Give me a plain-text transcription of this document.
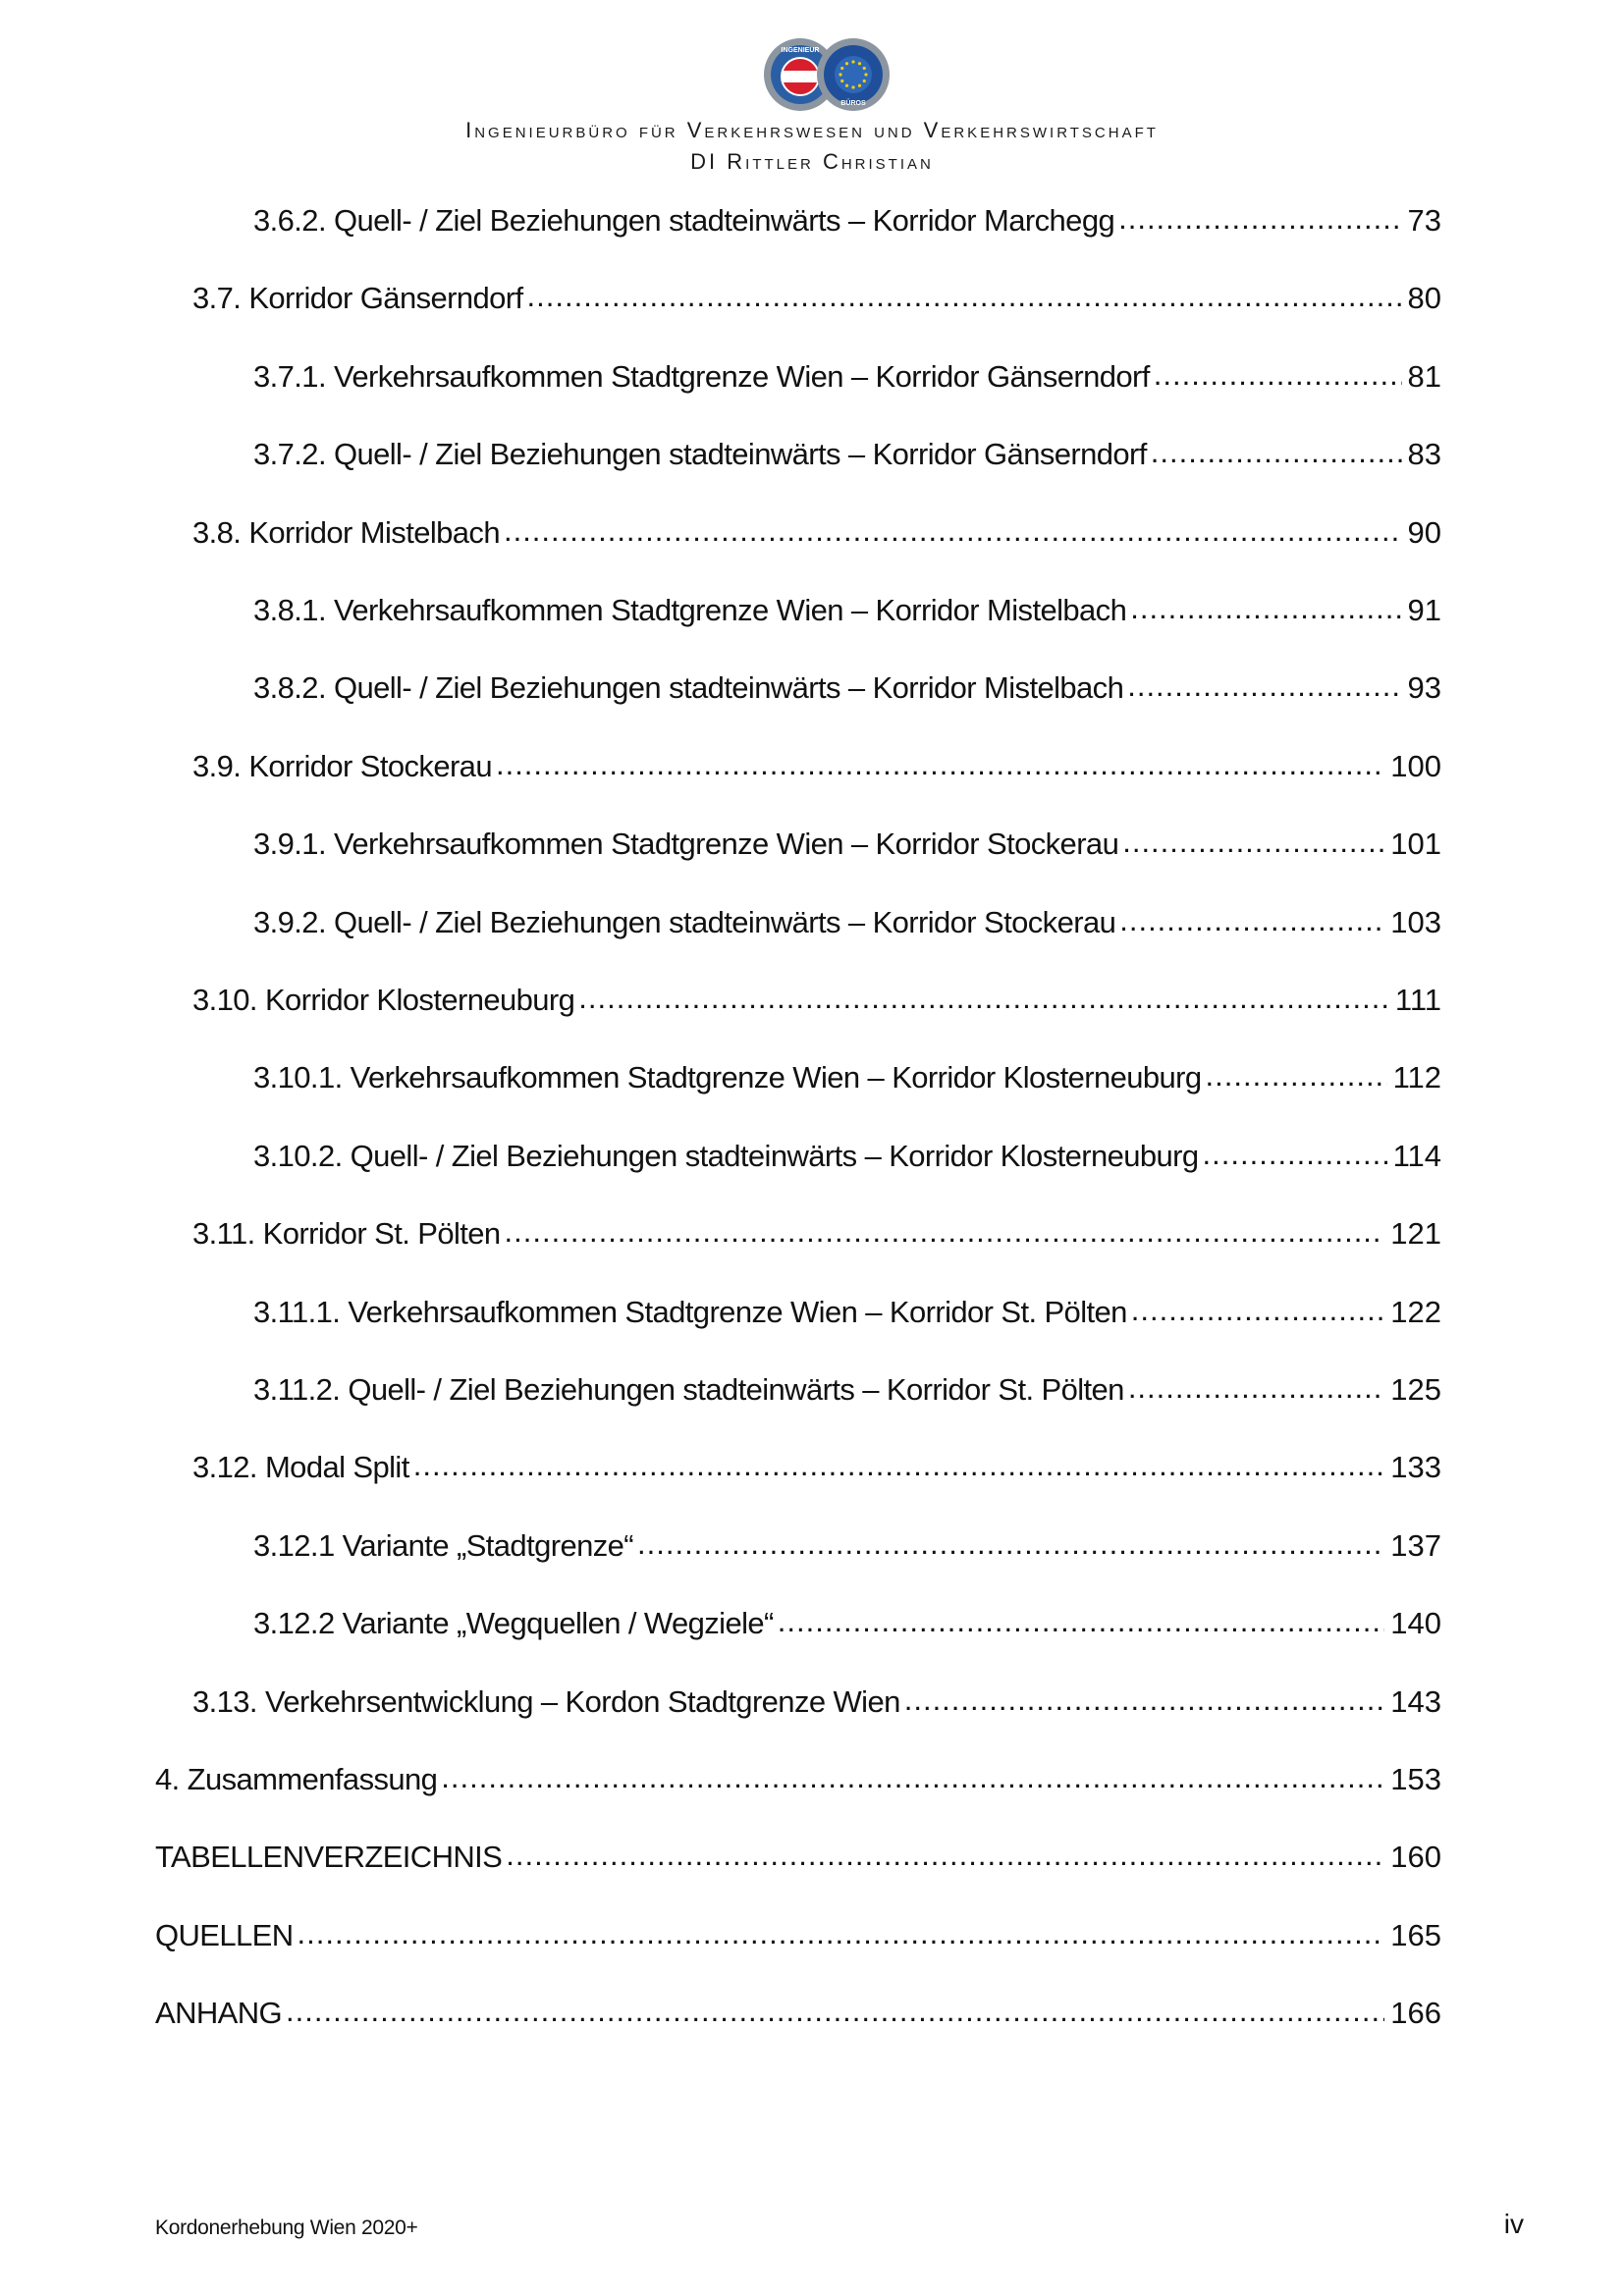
INGENIEUR
BÜROS
Ingenieurbüro für Verkehrswesen und Verkehrswirtschaft
DI Rittler Christian
3.6.2. Quell- / Ziel Beziehungen stadteinwärts – Korridor Marchegg .....	73
3.7. Korridor Gänserndorf .....	80
3.7.1. Verkehrsaufkommen Stadtgrenze Wien – Korridor Gänserndorf .....	81
3.7.2. Quell- / Ziel Beziehungen stadteinwärts – Korridor Gänserndorf .....	83
3.8. Korridor Mistelbach .....	90
3.8.1. Verkehrsaufkommen Stadtgrenze Wien – Korridor Mistelbach .....	91
3.8.2. Quell- / Ziel Beziehungen stadteinwärts – Korridor Mistelbach .....	93
3.9. Korridor Stockerau .....	100
3.9.1. Verkehrsaufkommen Stadtgrenze Wien – Korridor Stockerau .....	101
3.9.2. Quell- / Ziel Beziehungen stadteinwärts – Korridor Stockerau .....	103
3.10. Korridor Klosterneuburg .....	111
3.10.1. Verkehrsaufkommen Stadtgrenze Wien – Korridor Klosterneuburg .....	112
3.10.2. Quell- / Ziel Beziehungen stadteinwärts – Korridor Klosterneuburg .....	114
3.11. Korridor St. Pölten .....	121
3.11.1. Verkehrsaufkommen Stadtgrenze Wien – Korridor St. Pölten .....	122
3.11.2. Quell- / Ziel Beziehungen stadteinwärts – Korridor St. Pölten .....	125
3.12. Modal Split .....	133
3.12.1 Variante „Stadtgrenze“ .....	137
3.12.2 Variante „Wegquellen / Wegziele“ .....	140
3.13. Verkehrsentwicklung – Kordon Stadtgrenze Wien .....	143
4. Zusammenfassung .....	153
TABELLENVERZEICHNIS .....	160
QUELLEN .....	165
ANHANG .....	166
Kordonerhebung Wien 2020+	iv
